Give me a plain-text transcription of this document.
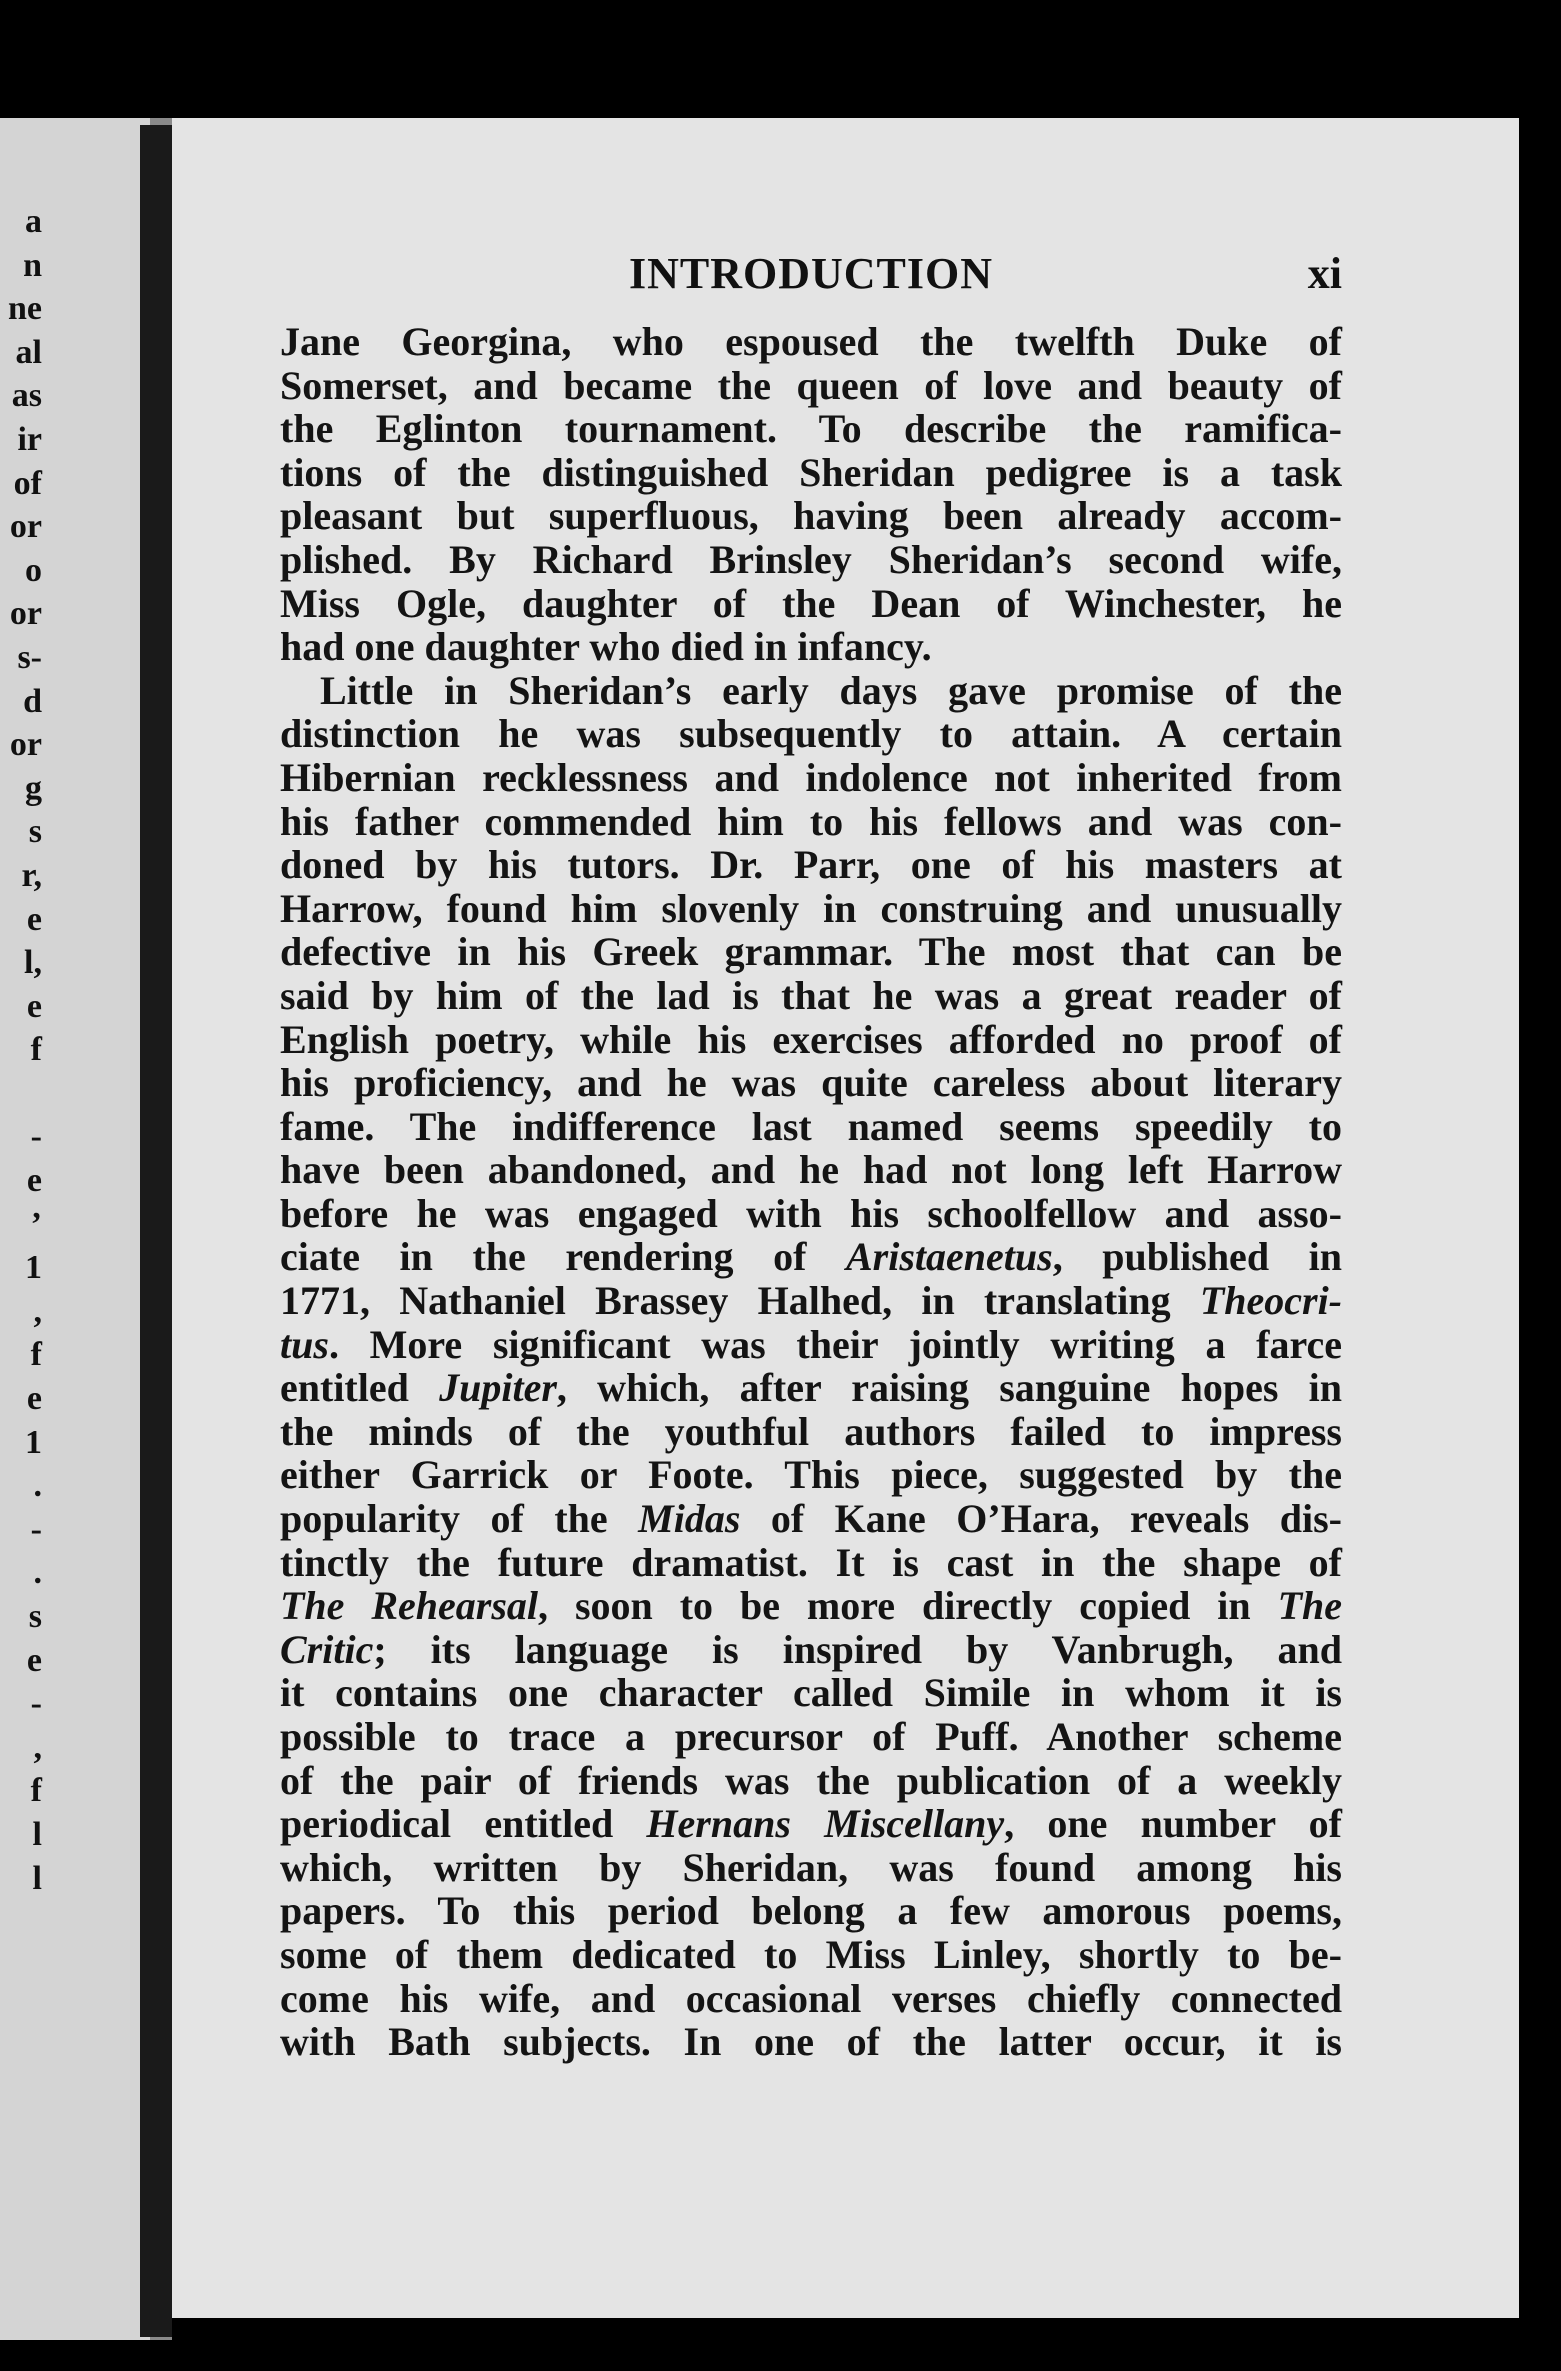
a
n
ne
al
as
ir
of
or
o
or
s-
d
or
g
s
r,
e
l,
e
f
-
e
’
1
,
f
e
1
.
-
.
s
e
-
,
f
l
l
INTRODUCTION	xi
Jane Georgina, who espoused the twelfth Duke of
Somerset, and became the queen of love and beauty of
the Eglinton tournament. To describe the ramifica-
tions of the distinguished Sheridan pedigree is a task
pleasant but superfluous, having been already accom-
plished. By Richard Brinsley Sheridan’s second wife,
Miss Ogle, daughter of the Dean of Winchester, he
had one daughter who died in infancy.
Little in Sheridan’s early days gave promise of the
distinction he was subsequently to attain. A certain
Hibernian recklessness and indolence not inherited from
his father commended him to his fellows and was con-
doned by his tutors. Dr. Parr, one of his masters at
Harrow, found him slovenly in construing and unusually
defective in his Greek grammar. The most that can be
said by him of the lad is that he was a great reader of
English poetry, while his exercises afforded no proof of
his proficiency, and he was quite careless about literary
fame. The indifference last named seems speedily to
have been abandoned, and he had not long left Harrow
before he was engaged with his schoolfellow and asso-
ciate in the rendering of Aristaenetus, published in
1771, Nathaniel Brassey Halhed, in translating Theocri-
tus. More significant was their jointly writing a farce
entitled Jupiter, which, after raising sanguine hopes in
the minds of the youthful authors failed to impress
either Garrick or Foote. This piece, suggested by the
popularity of the Midas of Kane O’Hara, reveals dis-
tinctly the future dramatist. It is cast in the shape of
The Rehearsal, soon to be more directly copied in The
Critic; its language is inspired by Vanbrugh, and
it contains one character called Simile in whom it is
possible to trace a precursor of Puff. Another scheme
of the pair of friends was the publication of a weekly
periodical entitled Hernans Miscellany, one number of
which, written by Sheridan, was found among his
papers. To this period belong a few amorous poems,
some of them dedicated to Miss Linley, shortly to be-
come his wife, and occasional verses chiefly connected
with Bath subjects. In one of the latter occur, it is
